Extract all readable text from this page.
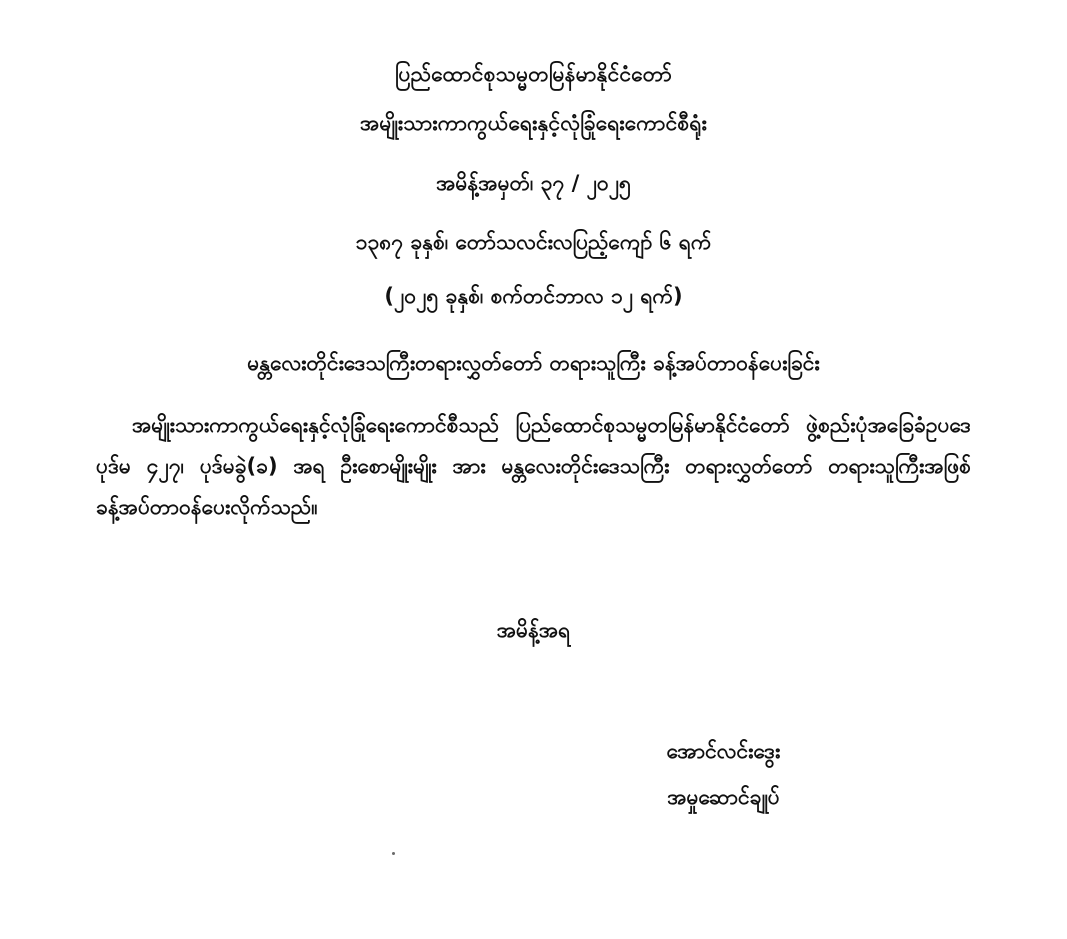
ပြည်ထောင်စုသမ္မတမြန်မာနိုင်ငံတော်
အမျိုးသားကာကွယ်ရေးနှင့်လုံခြုံရေးကောင်စီရုံး
အမိန့်အမှတ်၊ ၃၇ / ၂၀၂၅
၁၃၈၇ ခုနှစ်၊ တော်သလင်းလပြည့်ကျော် ၆ ရက်
(၂၀၂၅ ခုနှစ်၊ စက်တင်ဘာလ ၁၂ ရက်)
မန္တလေးတိုင်းဒေသကြီးတရားလွှတ်တော် တရားသူကြီး ခန့်အပ်တာဝန်ပေးခြင်း

အမျိုးသားကာကွယ်ရေးနှင့်လုံခြုံရေးကောင်စီသည် ပြည်ထောင်စုသမ္မတမြန်မာနိုင်ငံတော် ဖွဲ့စည်းပုံအခြေခံဥပဒေ ပုဒ်မ ၄၂၇၊ ပုဒ်မခွဲ(ခ) အရ ဦးစောမျိုးမျိုး အား မန္တလေးတိုင်းဒေသကြီး တရားလွှတ်တော် တရားသူကြီးအဖြစ် ခန့်အပ်တာဝန်ပေးလိုက်သည်။

အမိန့်အရ
အောင်လင်းဒွေး
အမှုဆောင်ချုပ်
